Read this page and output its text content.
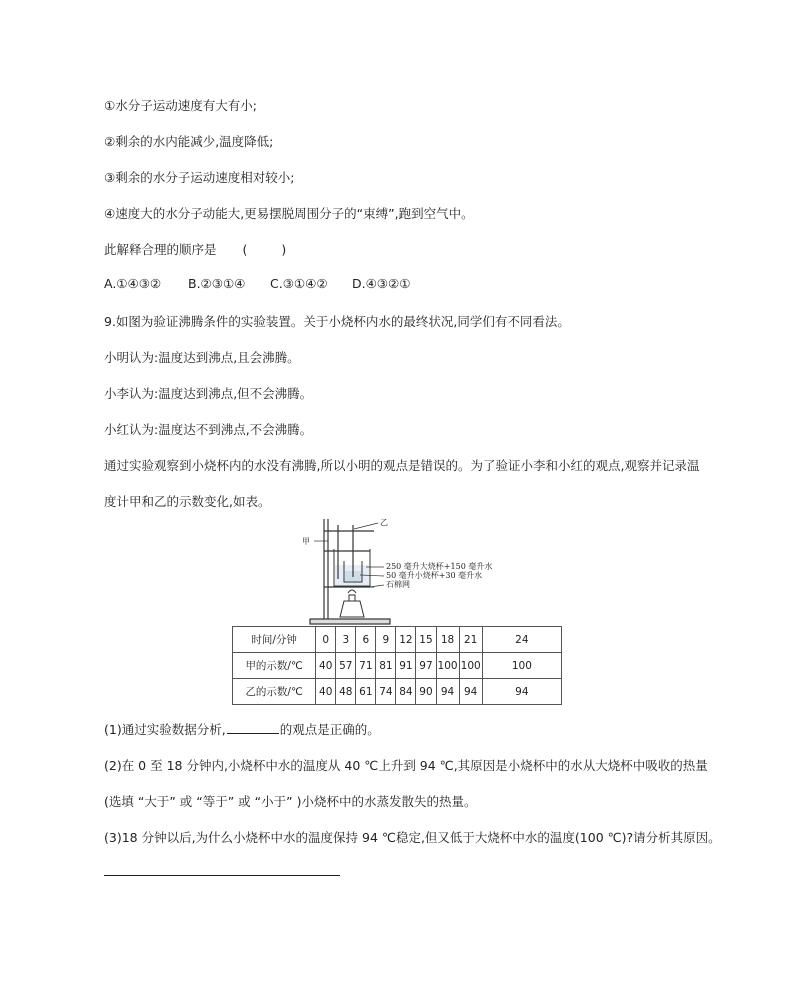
①水分子运动速度有大有小;
②剩余的水内能减少,温度降低;
③剩余的水分子运动速度相对较小;
④速度大的水分子动能大,更易摆脱周围分子的“束缚”,跑到空气中。
此解释合理的顺序是 (	)
A.①④③② B.②③①④ C.③①④② D.④③②①
9.如图为验证沸腾条件的实验装置。关于小烧杯内水的最终状况,同学们有不同看法。
小明认为:温度达到沸点,且会沸腾。
小李认为:温度达到沸点,但不会沸腾。
小红认为:温度达不到沸点,不会沸腾。
通过实验观察到小烧杯内的水没有沸腾,所以小明的观点是错误的。为了验证小李和小红的观点,观察并记录温
度计甲和乙的示数变化,如表。
甲
乙
250 毫升大烧杯+150 毫升水
50 毫升小烧杯+30 毫升水
石棉网
时间/分钟	0	3	6	9	12	15	18	21	24
甲的示数/℃	40	57	71	81	91	97	100	100	100
乙的示数/℃	40	48	61	74	84	90	94	94	94
(1)通过实验数据分析,	的观点是正确的。
(2)在 0 至 18 分钟内,小烧杯中水的温度从 40 ℃上升到 94 ℃,其原因是小烧杯中的水从大烧杯中吸收的热量
(选填 “大于” 或 “等于” 或 “小于” )小烧杯中的水蒸发散失的热量。
(3)18 分钟以后,为什么小烧杯中水的温度保持 94 ℃稳定,但又低于大烧杯中水的温度(100 ℃)?请分析其原因。
